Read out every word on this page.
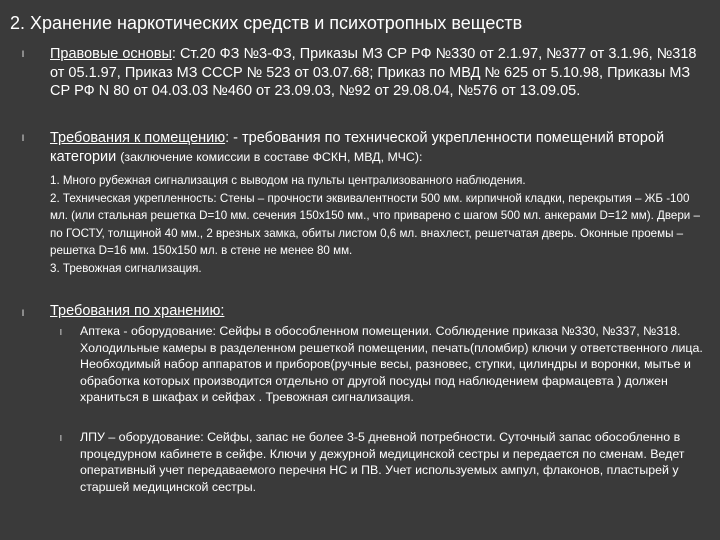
2. Хранение наркотических средств и психотропных веществ
l	Правовые основы: Ст.20 ФЗ №3-ФЗ, Приказы МЗ СР РФ №330 от 2.1.97, №377 от 3.1.96, №318 от 05.1.97, Приказ МЗ СССР № 523 от 03.07.68; Приказ по МВД № 625 от 5.10.98, Приказы МЗ СР РФ N 80 от 04.03.03 №460 от 23.09.03, №92 от 29.08.04, №576 от 13.09.05.
l	Требования к помещению: - требования по технической укрепленности помещений второй категории (заключение комиссии в составе ФСКН, МВД, МЧС):

1. Много рубежная сигнализация с выводом на пульты централизованного наблюдения.

2. Техническая укрепленность: Стены – прочности эквивалентности 500 мм. кирпичной кладки, перекрытия – ЖБ -100 мл. (или стальная решетка D=10 мм. сечения 150x150 мм., что приварено с шагом 500 мл. анкерами D=12 мм). Двери – по ГОСТУ, толщиной 40 мм., 2 врезных замка, обиты листом 0,6 мл. внахлест, решетчатая дверь. Оконные проемы – решетка D=16 мм. 150x150 мл. в стене не менее 80 мм.

3. Тревожная сигнализация.

l	Требования по хранению:
l Аптека - оборудование: Сейфы в обособленном помещении. Соблюдение приказа №330, №337, №318. Холодильные камеры в разделенном решеткой помещении, печать(пломбир) ключи у ответственного лица. Необходимый набор аппаратов и приборов(ручные весы, разновес, ступки, цилиндры и воронки, мытье и обработка которых производится отдельно от другой посуды под наблюдением фармацевта ) должен храниться в шкафах и сейфах . Тревожная сигнализация.
l ЛПУ – оборудование: Сейфы, запас не более 3-5 дневной потребности. Суточный запас обособленно в процедурном кабинете в сейфе. Ключи у дежурной медицинской сестры и передается по сменам. Ведет оперативный учет передаваемого перечня НС и ПВ. Учет используемых ампул, флаконов, пластырей у старшей медицинской сестры.
